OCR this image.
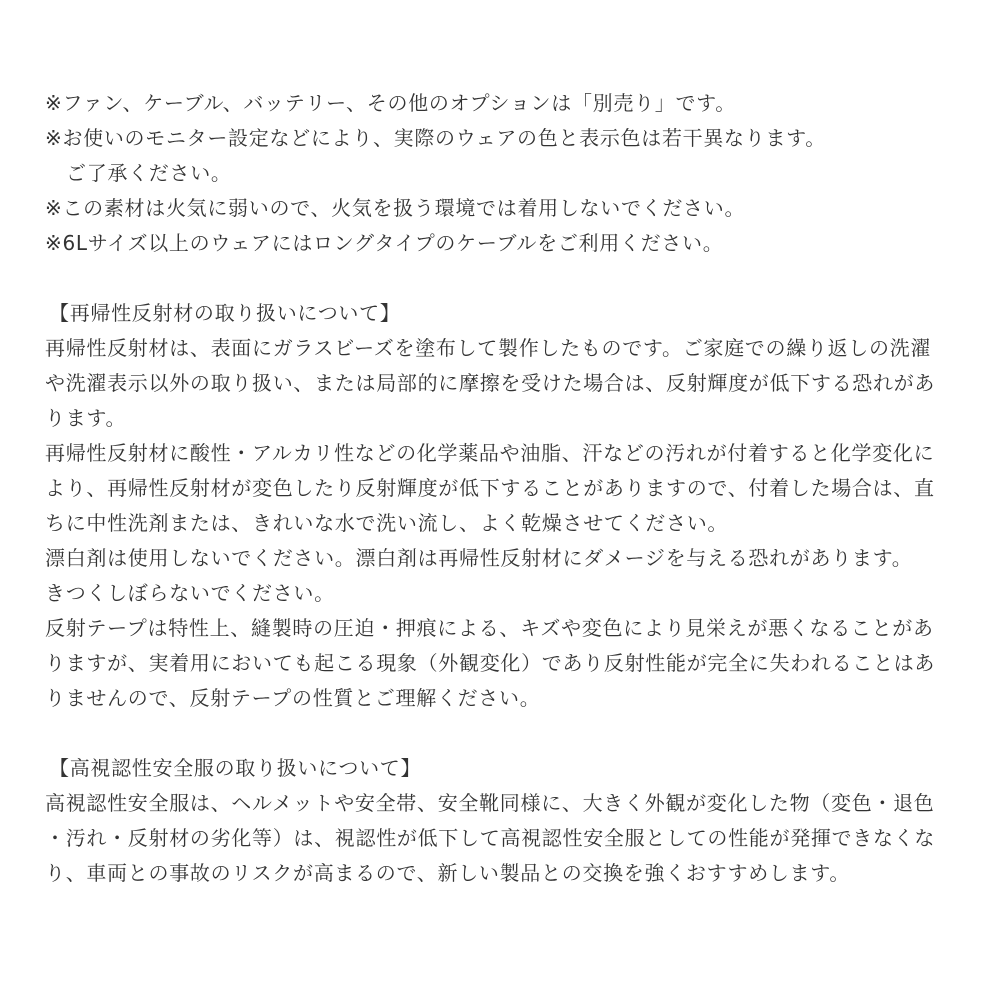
※ファン、ケーブル、バッテリー、その他のオプションは「別売り」です。
※お使いのモニター設定などにより、実際のウェアの色と表示色は若干異なります。
ご了承ください。
※この素材は火気に弱いので、火気を扱う環境では着用しないでください。
※6Lサイズ以上のウェアにはロングタイプのケーブルをご利用ください。
【再帰性反射材の取り扱いについて】
再帰性反射材は、表面にガラスビーズを塗布して製作したものです。ご家庭での繰り返しの洗濯
や洗濯表示以外の取り扱い、または局部的に摩擦を受けた場合は、反射輝度が低下する恐れがあ
ります。
再帰性反射材に酸性・アルカリ性などの化学薬品や油脂、汗などの汚れが付着すると化学変化に
より、再帰性反射材が変色したり反射輝度が低下することがありますので、付着した場合は、直
ちに中性洗剤または、きれいな水で洗い流し、よく乾燥させてください。
漂白剤は使用しないでください。漂白剤は再帰性反射材にダメージを与える恐れがあります。
きつくしぼらないでください。
反射テープは特性上、縫製時の圧迫・押痕による、キズや変色により見栄えが悪くなることがあ
りますが、実着用においても起こる現象（外観変化）であり反射性能が完全に失われることはあ
りませんので、反射テープの性質とご理解ください。
【高視認性安全服の取り扱いについて】
高視認性安全服は、ヘルメットや安全帯、安全靴同様に、大きく外観が変化した物（変色・退色
・汚れ・反射材の劣化等）は、視認性が低下して高視認性安全服としての性能が発揮できなくな
り、車両との事故のリスクが高まるので、新しい製品との交換を強くおすすめします。
